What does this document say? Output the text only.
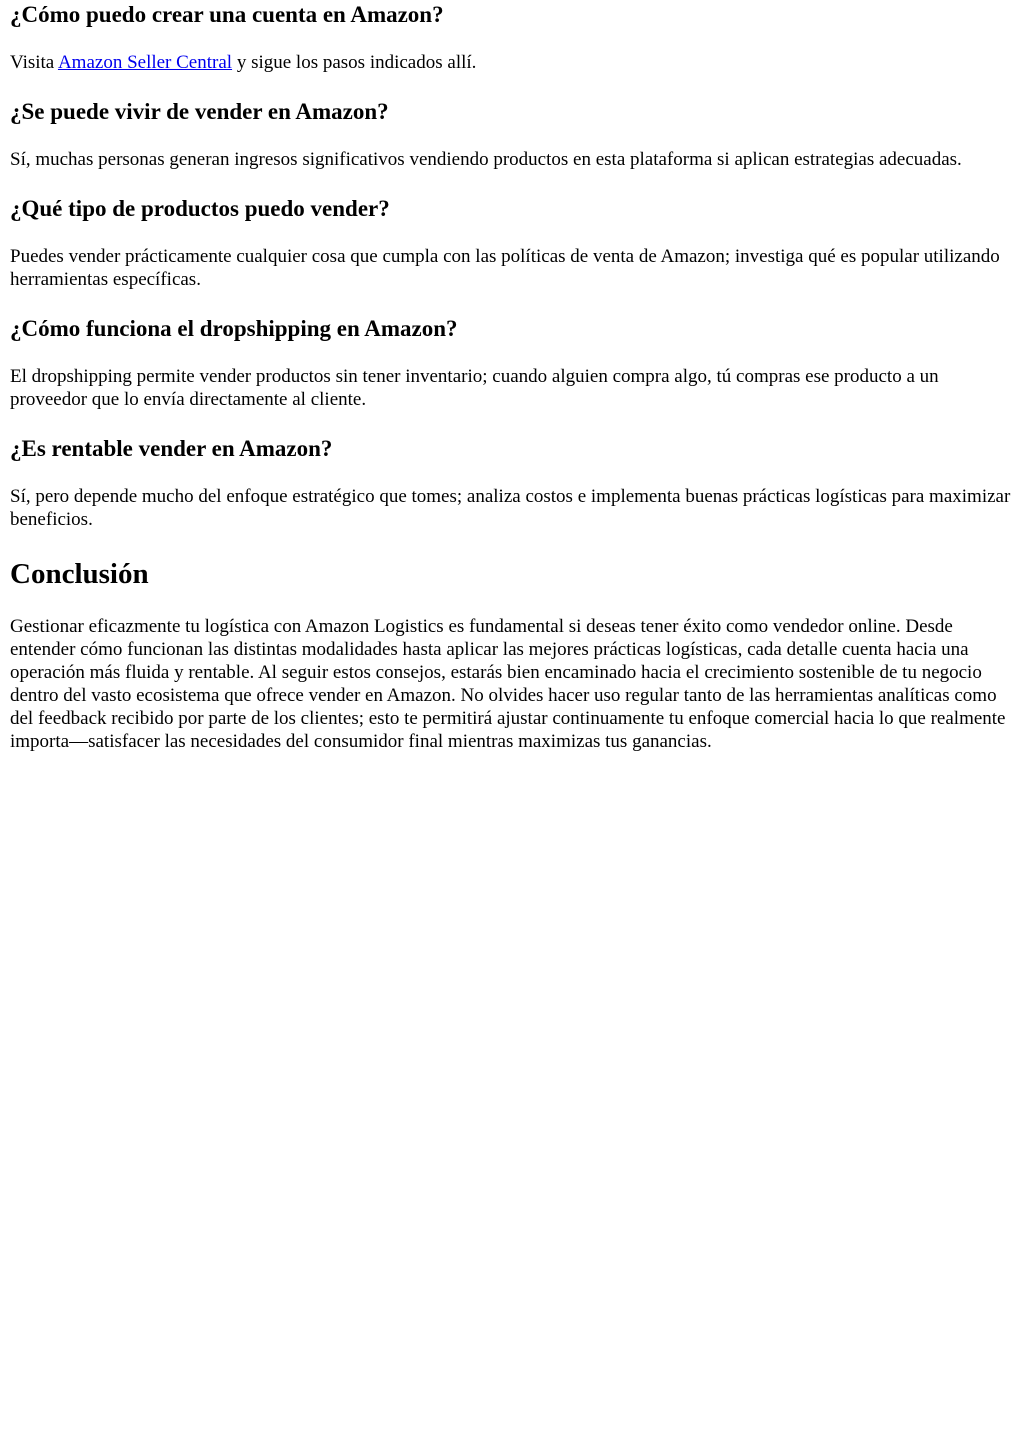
¿Cómo puedo crear una cuenta en Amazon?

Visita Amazon Seller Central y sigue los pasos indicados allí.

¿Se puede vivir de vender en Amazon?

Sí, muchas personas generan ingresos significativos vendiendo productos en esta plataforma si aplican estrategias adecuadas.

¿Qué tipo de productos puedo vender?

Puedes vender prácticamente cualquier cosa que cumpla con las políticas de venta de Amazon; investiga qué es popular utilizando herramientas específicas.

¿Cómo funciona el dropshipping en Amazon?

El dropshipping permite vender productos sin tener inventario; cuando alguien compra algo, tú compras ese producto a un proveedor que lo envía directamente al cliente.

¿Es rentable vender en Amazon?

Sí, pero depende mucho del enfoque estratégico que tomes; analiza costos e implementa buenas prácticas logísticas para maximizar beneficios.

Conclusión

Gestionar eficazmente tu logística con Amazon Logistics es fundamental si deseas tener éxito como vendedor online. Desde entender cómo funcionan las distintas modalidades hasta aplicar las mejores prácticas logísticas, cada detalle cuenta hacia una operación más fluida y rentable. Al seguir estos consejos, estarás bien encaminado hacia el crecimiento sostenible de tu negocio dentro del vasto ecosistema que ofrece vender en Amazon. No olvides hacer uso regular tanto de las herramientas analíticas como del feedback recibido por parte de los clientes; esto te permitirá ajustar continuamente tu enfoque comercial hacia lo que realmente importa—satisfacer las necesidades del consumidor final mientras maximizas tus ganancias.
